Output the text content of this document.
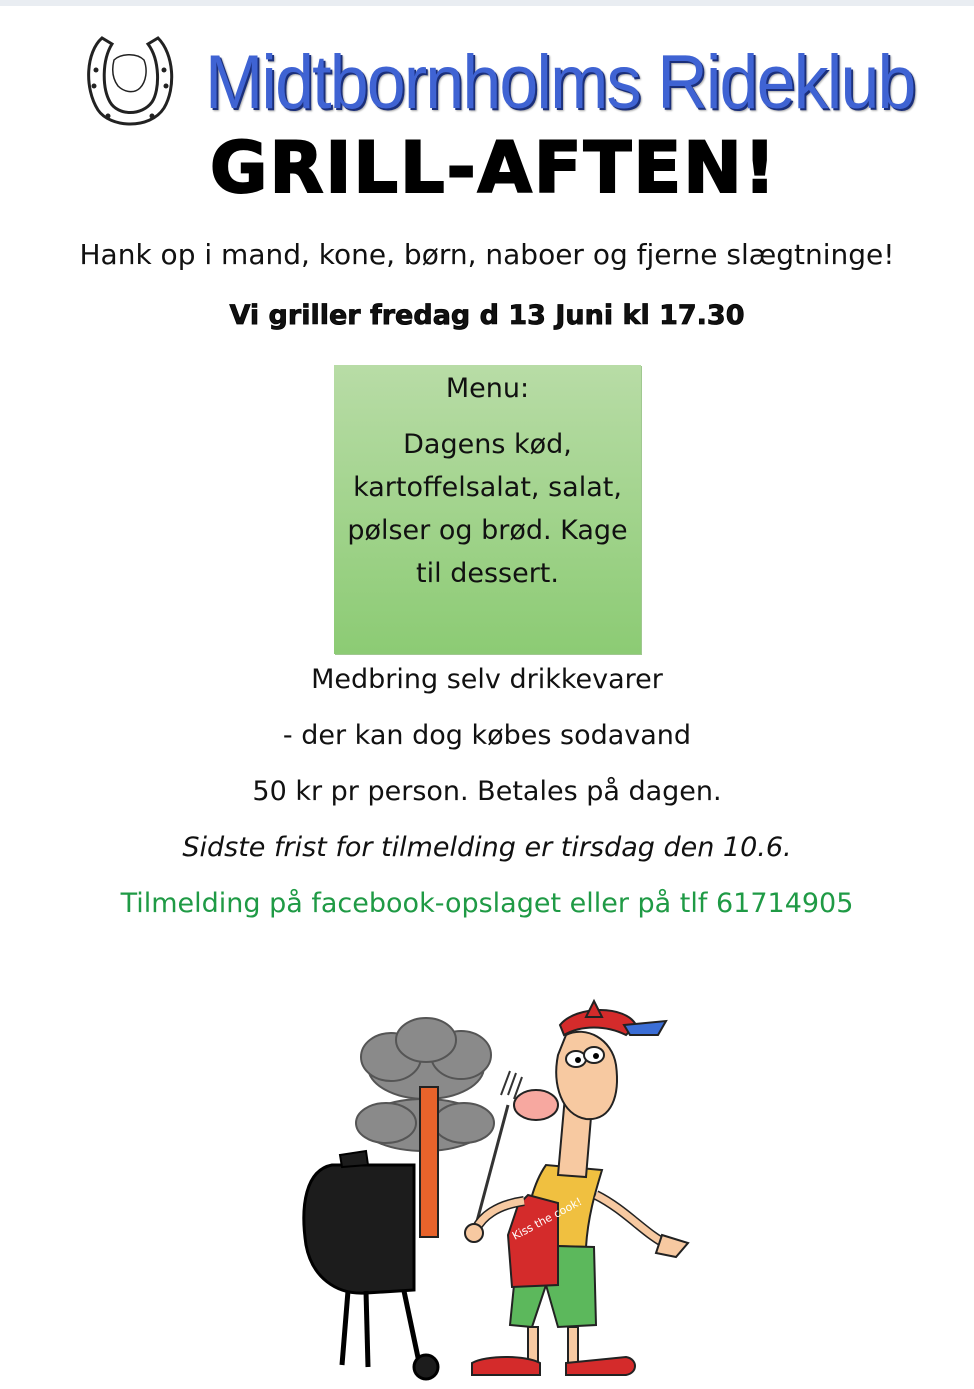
Midtbornholms Rideklub
GRILL-AFTEN!
Hank op i mand, kone, børn, naboer og fjerne slægtninge!
Vi griller fredag d 13 Juni kl 17.30
Menu:
Dagens kød, kartoffelsalat, salat, pølser og brød. Kage til dessert.
Medbring selv drikkevarer
- der kan dog købes sodavand
50 kr pr person. Betales på dagen.
Sidste frist for tilmelding er tirsdag den 10.6.
Tilmelding på facebook-opslaget eller på tlf 61714905
Kiss the cook!
